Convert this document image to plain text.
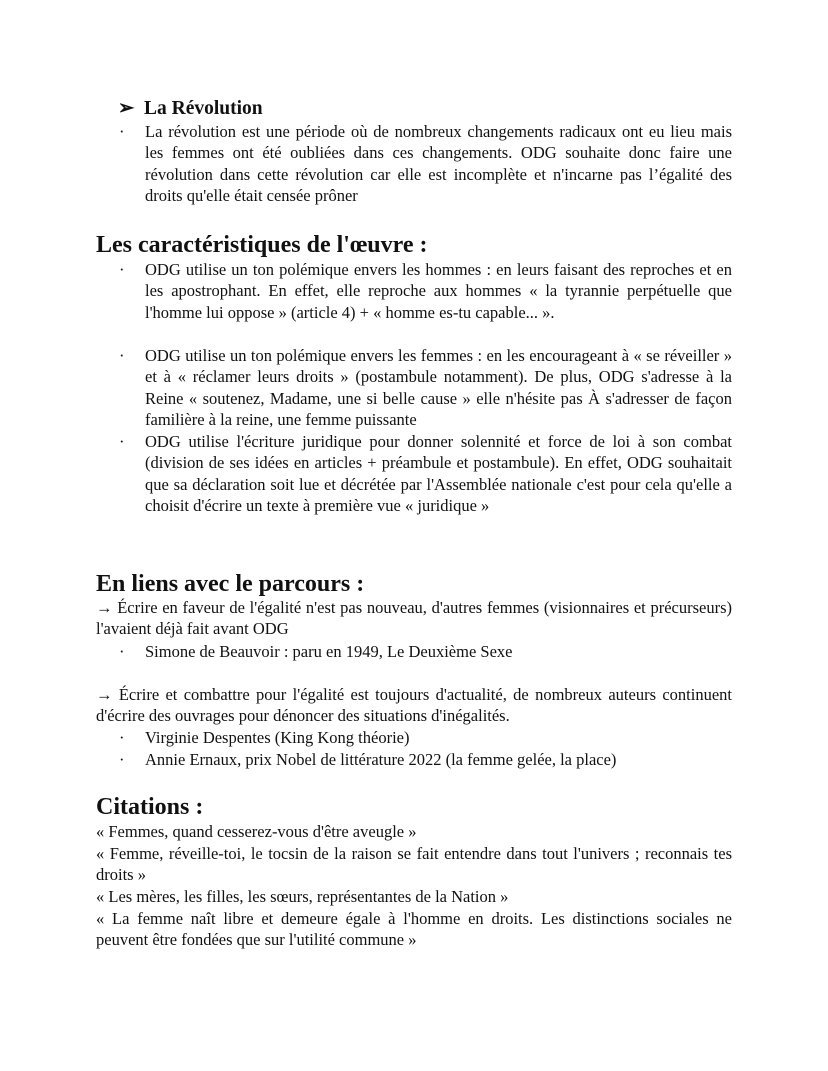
➢ La Révolution
· La révolution est une période où de nombreux changements radicaux ont eu lieu mais les femmes ont été oubliées dans ces changements. ODG souhaite donc faire une révolution dans cette révolution car elle est incomplète et n'incarne pas l’égalité des droits qu'elle était censée prôner
Les caractéristiques de l'œuvre :
· ODG utilise un ton polémique envers les hommes : en leurs faisant des reproches et en les apostrophant. En effet, elle reproche aux hommes « la tyrannie perpétuelle que l'homme lui oppose » (article 4) + « homme es-tu capable... ».
· ODG utilise un ton polémique envers les femmes : en les encourageant à « se réveiller » et à « réclamer leurs droits » (postambule notamment). De plus, ODG s'adresse à la Reine « soutenez, Madame, une si belle cause » elle n'hésite pas À s'adresser de façon familière à la reine, une femme puissante
· ODG utilise l'écriture juridique pour donner solennité et force de loi à son combat (division de ses idées en articles + préambule et postambule). En effet, ODG souhaitait que sa déclaration soit lue et décrétée par l'Assemblée nationale c'est pour cela qu'elle a choisit d'écrire un texte à première vue « juridique »
En liens avec le parcours :
→ Écrire en faveur de l'égalité n'est pas nouveau, d'autres femmes (visionnaires et précurseurs) l'avaient déjà fait avant ODG
· Simone de Beauvoir : paru en 1949, Le Deuxième Sexe
→ Écrire et combattre pour l'égalité est toujours d'actualité, de nombreux auteurs continuent d'écrire des ouvrages pour dénoncer des situations d'inégalités.
· Virginie Despentes (King Kong théorie)
· Annie Ernaux, prix Nobel de littérature 2022 (la femme gelée, la place)
Citations :
« Femmes, quand cesserez-vous d'être aveugle »
« Femme, réveille-toi, le tocsin de la raison se fait entendre dans tout l'univers ; reconnais tes droits »
« Les mères, les filles, les sœurs, représentantes de la Nation »
« La femme naît libre et demeure égale à l'homme en droits. Les distinctions sociales ne peuvent être fondées que sur l'utilité commune »
